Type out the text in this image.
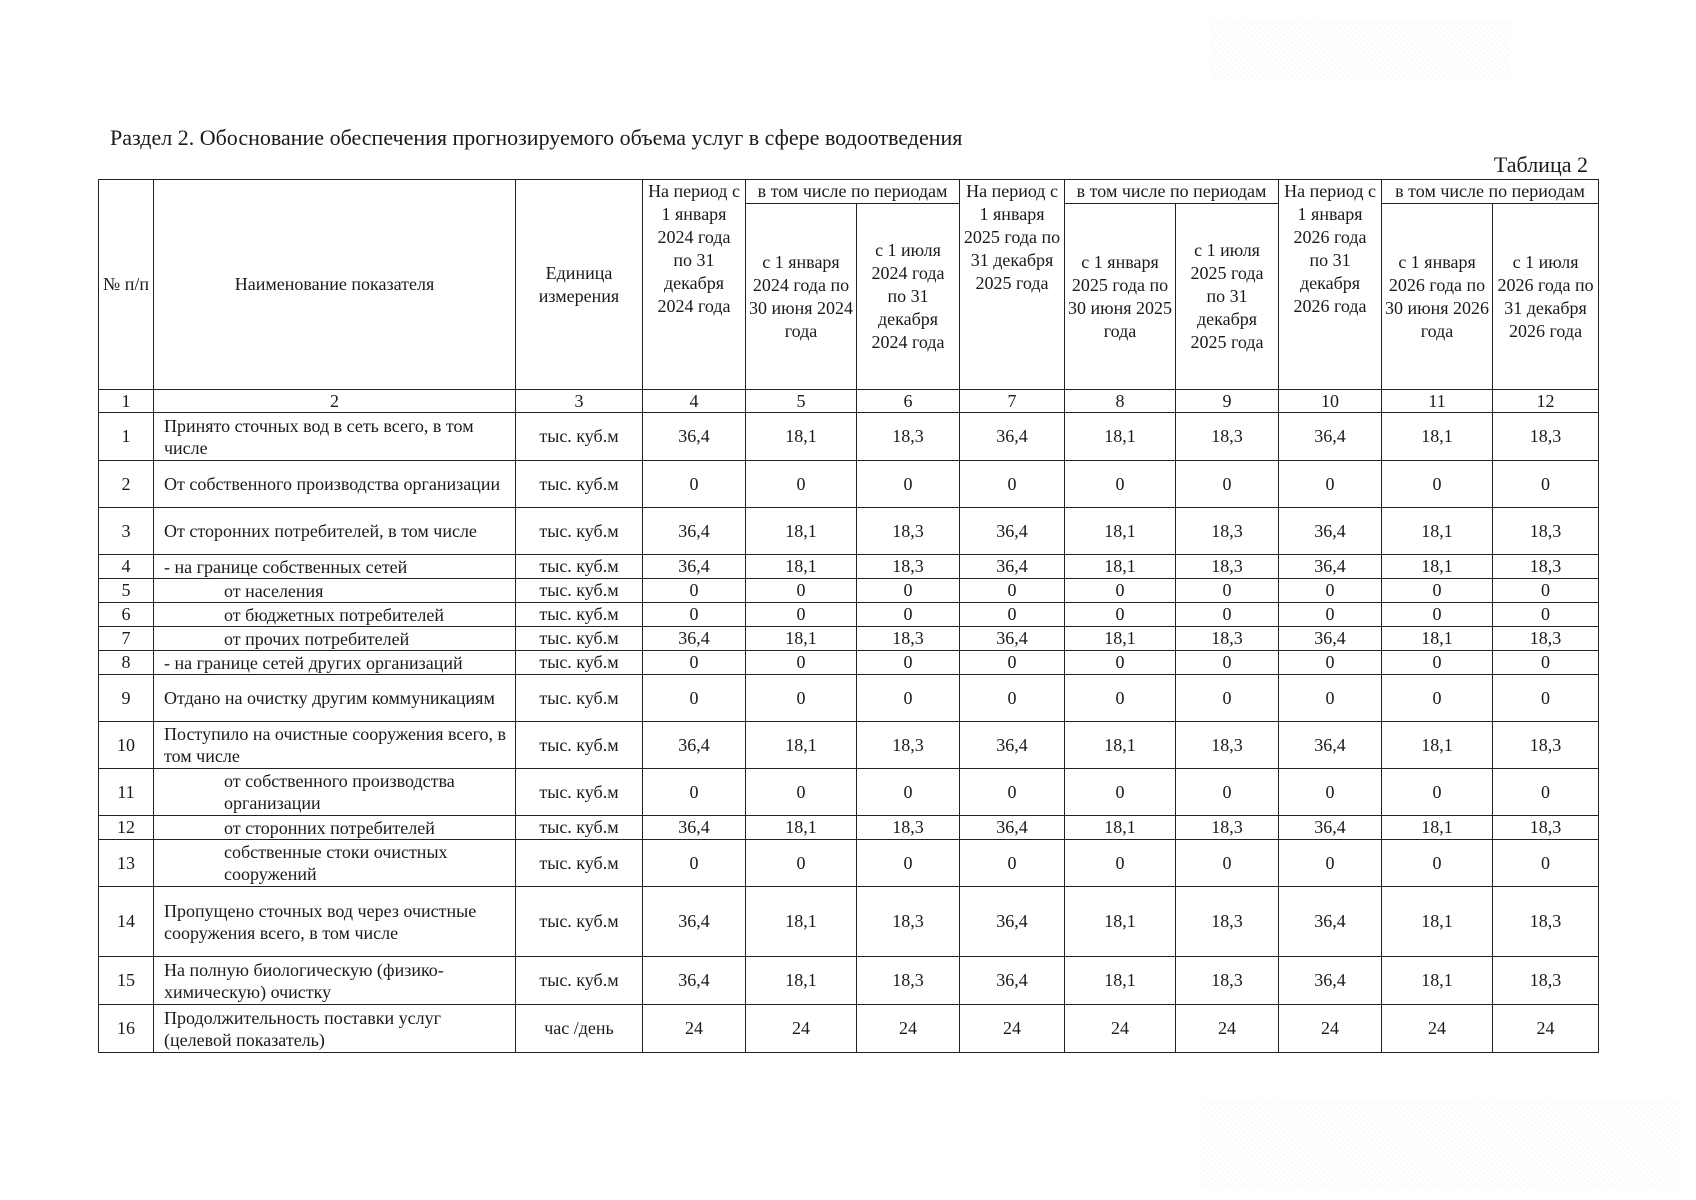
Раздел 2. Обоснование обеспечения прогнозируемого объема услуг в сфере водоотведения
Таблица 2
№ п/п	Наименование показателя	Единица измерения	На период с 1 января 2024 года по 31 декабря 2024 года	в том числе по периодам		На период с 1 января 2025 года по 31 декабря 2025 года	в том числе по периодам		На период с 1 января 2026 года по 31 декабря 2026 года	в том числе по периодам	
				с 1 января 2024 года по 30 июня 2024 года	с 1 июля 2024 года по 31 декабря 2024 года		с 1 января 2025 года по 30 июня 2025 года	с 1 июля 2025 года по 31 декабря 2025 года		с 1 января 2026 года по 30 июня 2026 года	с 1 июля 2026 года по 31 декабря 2026 года
1	2	3	4	5	6	7	8	9	10	11	12
1	Принято сточных вод в сеть всего, в том числе	тыс. куб.м	36,4	18,1	18,3	36,4	18,1	18,3	36,4	18,1	18,3
2	От собственного производства организации	тыс. куб.м	0	0	0	0	0	0	0	0	0
3	От сторонних потребителей, в том числе	тыс. куб.м	36,4	18,1	18,3	36,4	18,1	18,3	36,4	18,1	18,3
4	- на границе собственных сетей	тыс. куб.м	36,4	18,1	18,3	36,4	18,1	18,3	36,4	18,1	18,3
5	от населения	тыс. куб.м	0	0	0	0	0	0	0	0	0
6	от бюджетных потребителей	тыс. куб.м	0	0	0	0	0	0	0	0	0
7	от прочих потребителей	тыс. куб.м	36,4	18,1	18,3	36,4	18,1	18,3	36,4	18,1	18,3
8	- на границе сетей других организаций	тыс. куб.м	0	0	0	0	0	0	0	0	0
9	Отдано на очистку другим коммуникациям	тыс. куб.м	0	0	0	0	0	0	0	0	0
10	Поступило на очистные сооружения всего, в том числе	тыс. куб.м	36,4	18,1	18,3	36,4	18,1	18,3	36,4	18,1	18,3
11	от собственного производства организации	тыс. куб.м	0	0	0	0	0	0	0	0	0
12	от сторонних потребителей	тыс. куб.м	36,4	18,1	18,3	36,4	18,1	18,3	36,4	18,1	18,3
13	собственные стоки очистных сооружений	тыс. куб.м	0	0	0	0	0	0	0	0	0
14	Пропущено сточных вод через очистные сооружения всего, в том числе	тыс. куб.м	36,4	18,1	18,3	36,4	18,1	18,3	36,4	18,1	18,3
15	На полную биологическую (физико-химическую) очистку	тыс. куб.м	36,4	18,1	18,3	36,4	18,1	18,3	36,4	18,1	18,3
16	Продолжительность поставки услуг (целевой показатель)	час /день	24	24	24	24	24	24	24	24	24
